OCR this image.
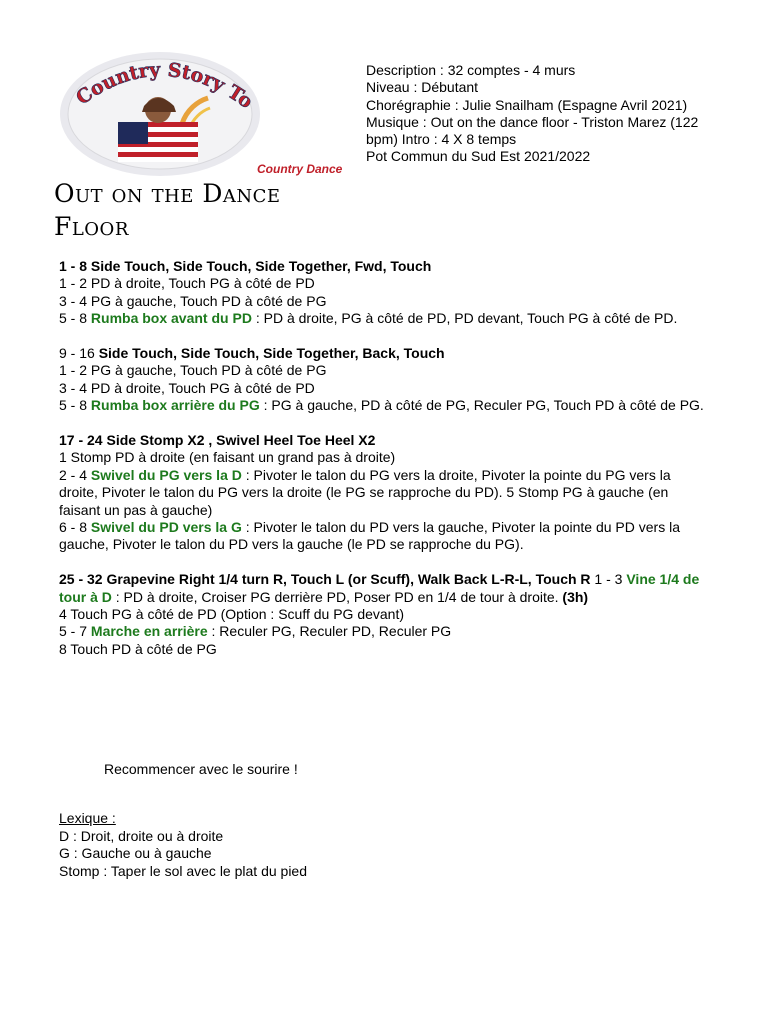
Country Story To
Country Dance
Description : 32 comptes - 4 murs
Niveau : Débutant
Chorégraphie : Julie Snailham (Espagne Avril 2021) Musique : Out on the dance floor - Triston Marez (122 bpm) Intro : 4 X 8 temps
Pot Commun du Sud Est 2021/2022
Out on the Dance Floor

1 - 8 Side Touch, Side Touch, Side Together, Fwd, Touch

1 - 2 PD à droite, Touch PG à côté de PD

3 - 4 PG à gauche, Touch PD à côté de PG

5 - 8 Rumba box avant du PD : PD à droite, PG à côté de PD, PD devant, Touch PG à côté de PD.

9 - 16 Side Touch, Side Touch, Side Together, Back, Touch

1 - 2 PG à gauche, Touch PD à côté de PG

3 - 4 PD à droite, Touch PG à côté de PD

5 - 8 Rumba box arrière du PG : PG à gauche, PD à côté de PG, Reculer PG, Touch PD à côté de PG.

17 - 24 Side Stomp X2 , Swivel Heel Toe Heel X2

1 Stomp PD à droite (en faisant un grand pas à droite)

2 - 4 Swivel du PG vers la D : Pivoter le talon du PG vers la droite, Pivoter la pointe du PG vers la droite, Pivoter le talon du PG vers la droite (le PG se rapproche du PD). 5 Stomp PG à gauche (en faisant un pas à gauche)

6 - 8 Swivel du PD vers la G : Pivoter le talon du PD vers la gauche, Pivoter la pointe du PD vers la gauche, Pivoter le talon du PD vers la gauche (le PD se rapproche du PG).

25 - 32 Grapevine Right 1/4 turn R, Touch L (or Scuff), Walk Back L-R-L, Touch R 1 - 3 Vine 1/4 de tour à D : PD à droite, Croiser PG derrière PD, Poser PD en 1/4 de tour à droite. (3h)

4 Touch PG à côté de PD (Option : Scuff du PG devant)

5 - 7 Marche en arrière : Reculer PG, Reculer PD, Reculer PG

8 Touch PD à côté de PG

Recommencer avec le sourire !

Lexique :

D : Droit, droite ou à droite

G : Gauche ou à gauche

Stomp : Taper le sol avec le plat du pied
